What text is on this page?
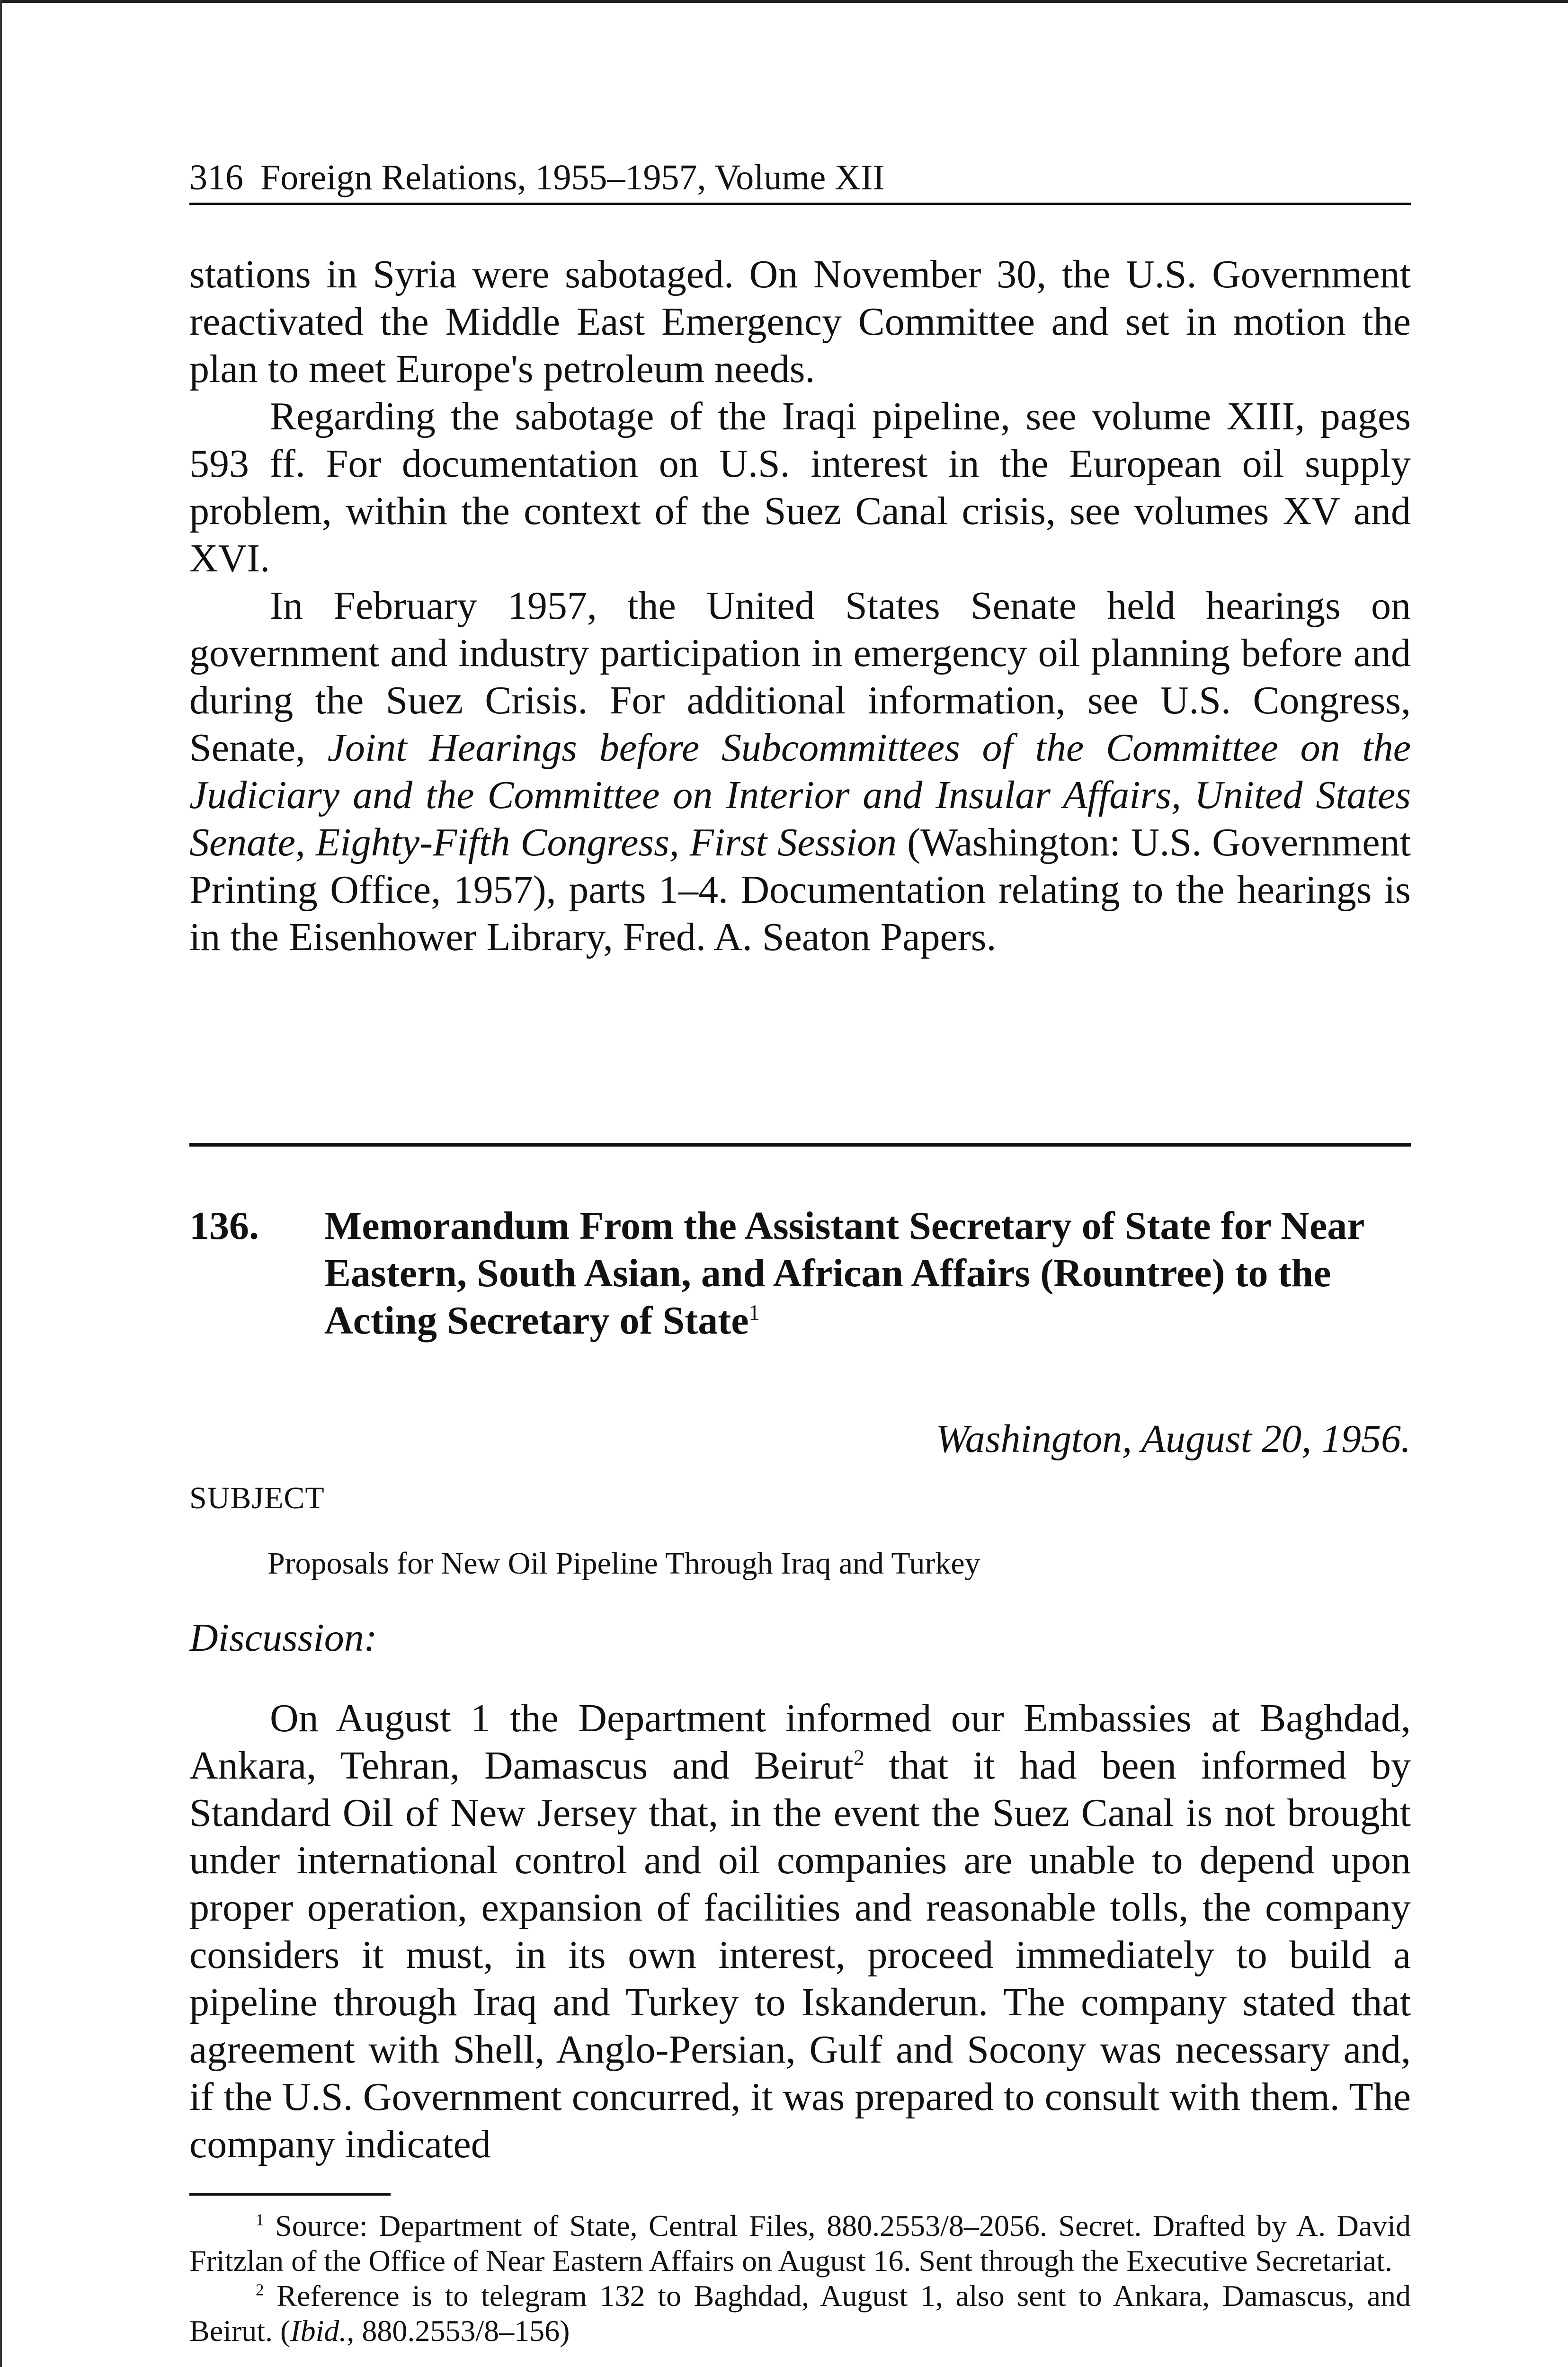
316 Foreign Relations, 1955–1957, Volume XII

stations in Syria were sabotaged. On November 30, the U.S. Government reactivated the Middle East Emergency Committee and set in motion the plan to meet Europe's petroleum needs.

Regarding the sabotage of the Iraqi pipeline, see volume XIII, pages 593 ff. For documentation on U.S. interest in the European oil supply problem, within the context of the Suez Canal crisis, see volumes XV and XVI.

In February 1957, the United States Senate held hearings on government and industry participation in emergency oil planning before and during the Suez Crisis. For additional information, see U.S. Congress, Senate, Joint Hearings before Subcommittees of the Committee on the Judiciary and the Committee on Interior and Insular Affairs, United States Senate, Eighty-Fifth Congress, First Session (Washington: U.S. Government Printing Office, 1957), parts 1–4. Documentation relating to the hearings is in the Eisenhower Library, Fred. A. Seaton Papers.

136. Memorandum From the Assistant Secretary of State for Near Eastern, South Asian, and African Affairs (Rountree) to the Acting Secretary of State$^1$
Washington, August 20, 1956.
SUBJECT
Proposals for New Oil Pipeline Through Iraq and Turkey
Discussion:

On August 1 the Department informed our Embassies at Baghdad, Ankara, Tehran, Damascus and Beirut$^2$ that it had been informed by Standard Oil of New Jersey that, in the event the Suez Canal is not brought under international control and oil companies are unable to depend upon proper operation, expansion of facilities and reasonable tolls, the company considers it must, in its own interest, proceed immediately to build a pipeline through Iraq and Turkey to Iskanderun. The company stated that agreement with Shell, Anglo-Persian, Gulf and Socony was necessary and, if the U.S. Government concurred, it was prepared to consult with them. The company indicated

$^1$ Source: Department of State, Central Files, 880.2553/8–2056. Secret. Drafted by A. David Fritzlan of the Office of Near Eastern Affairs on August 16. Sent through the Executive Secretariat.

$^2$ Reference is to telegram 132 to Baghdad, August 1, also sent to Ankara, Damascus, and Beirut. (Ibid., 880.2553/8–156)
